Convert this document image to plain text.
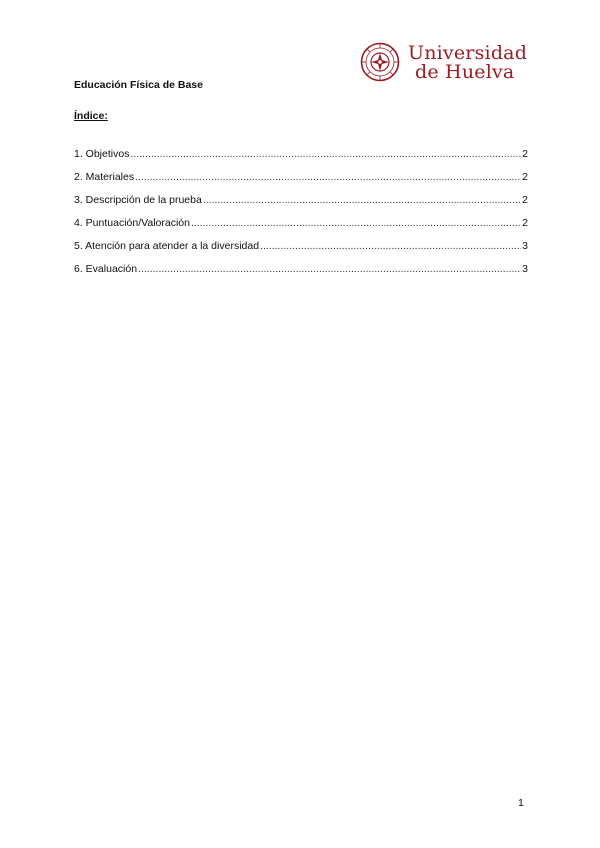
Universidad
de Huelva
Educación Física de Base
Índice:
1. Objetivos .....	2
2. Materiales .....	2
3. Descripción de la prueba .....	2
4. Puntuación/Valoración .....	2
5. Atención para atender a la diversidad .....	3
6. Evaluación .....	3
1
